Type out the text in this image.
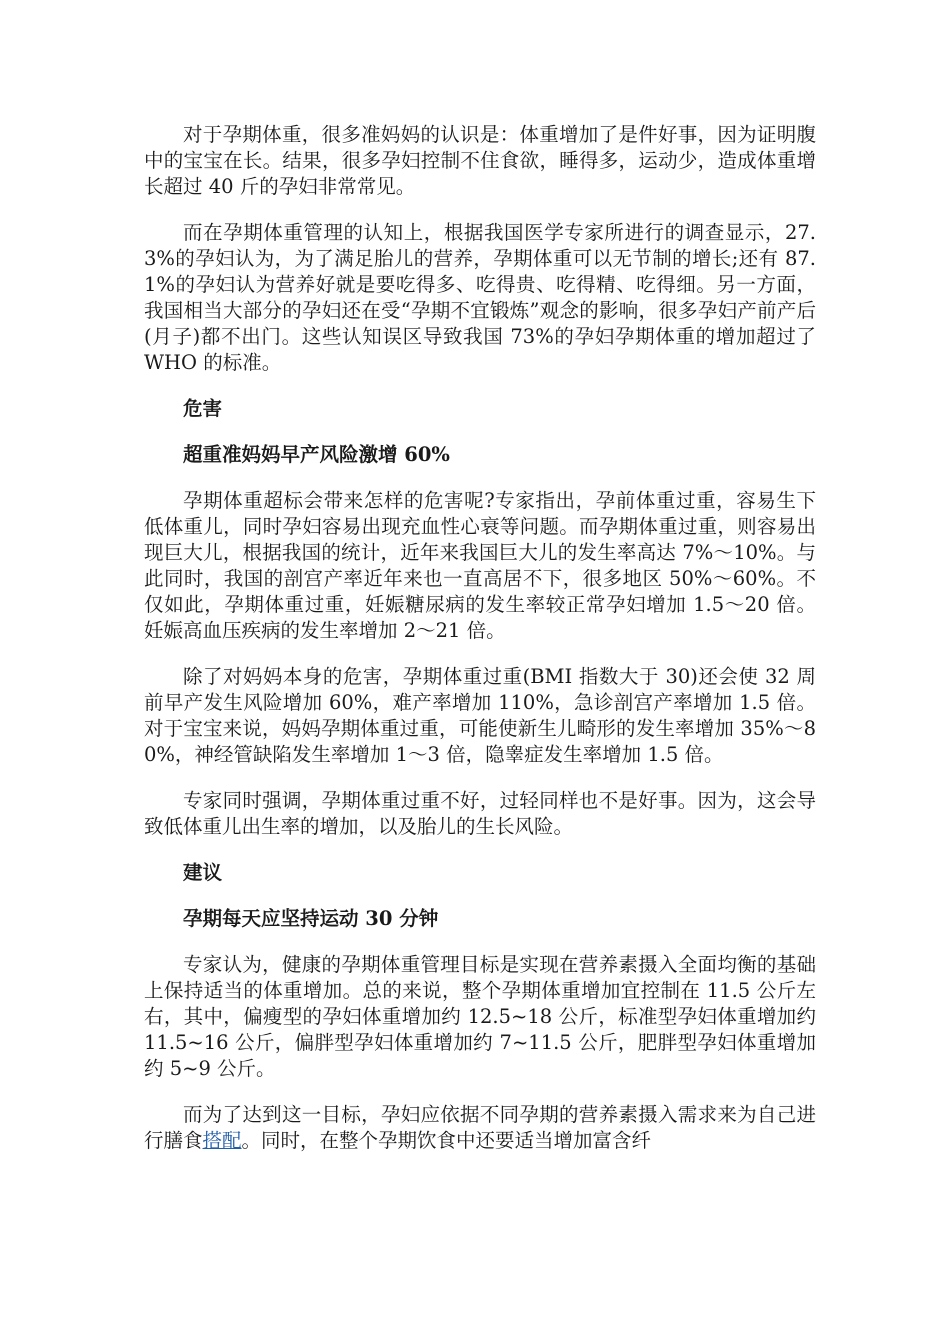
对于孕期体重，很多准妈妈的认识是：体重增加了是件好事，因为证明腹中的宝宝在长。结果，很多孕妇控制不住食欲，睡得多，运动少，造成体重增长超过 40 斤的孕妇非常常见。

而在孕期体重管理的认知上，根据我国医学专家所进行的调查显示，27.3%的孕妇认为，为了满足胎儿的营养，孕期体重可以无节制的增长;还有 87.1%的孕妇认为营养好就是要吃得多、吃得贵、吃得精、吃得细。另一方面，我国相当大部分的孕妇还在受“孕期不宜锻炼”观念的影响，很多孕妇产前产后(月子)都不出门。这些认知误区导致我国 73%的孕妇孕期体重的增加超过了 WHO 的标准。

危害

超重准妈妈早产风险激增 60%

孕期体重超标会带来怎样的危害呢?专家指出，孕前体重过重，容易生下低体重儿，同时孕妇容易出现充血性心衰等问题。而孕期体重过重，则容易出现巨大儿，根据我国的统计，近年来我国巨大儿的发生率高达 7%～10%。与此同时，我国的剖宫产率近年来也一直高居不下，很多地区 50%～60%。不仅如此，孕期体重过重，妊娠糖尿病的发生率较正常孕妇增加 1.5～20 倍。妊娠高血压疾病的发生率增加 2～21 倍。

除了对妈妈本身的危害，孕期体重过重(BMI 指数大于 30)还会使 32 周前早产发生风险增加 60%，难产率增加 110%，急诊剖宫产率增加 1.5 倍。对于宝宝来说，妈妈孕期体重过重，可能使新生儿畸形的发生率增加 35%～80%，神经管缺陷发生率增加 1～3 倍，隐睾症发生率增加 1.5 倍。

专家同时强调，孕期体重过重不好，过轻同样也不是好事。因为，这会导致低体重儿出生率的增加，以及胎儿的生长风险。

建议

孕期每天应坚持运动 30 分钟

专家认为，健康的孕期体重管理目标是实现在营养素摄入全面均衡的基础上保持适当的体重增加。总的来说，整个孕期体重增加宜控制在 11.5 公斤左右，其中，偏瘦型的孕妇体重增加约 12.5~18 公斤，标准型孕妇体重增加约 11.5~16 公斤，偏胖型孕妇体重增加约 7~11.5 公斤，肥胖型孕妇体重增加约 5~9 公斤。

而为了达到这一目标，孕妇应依据不同孕期的营养素摄入需求来为自己进行膳食搭配。同时，在整个孕期饮食中还要适当增加富含纤
